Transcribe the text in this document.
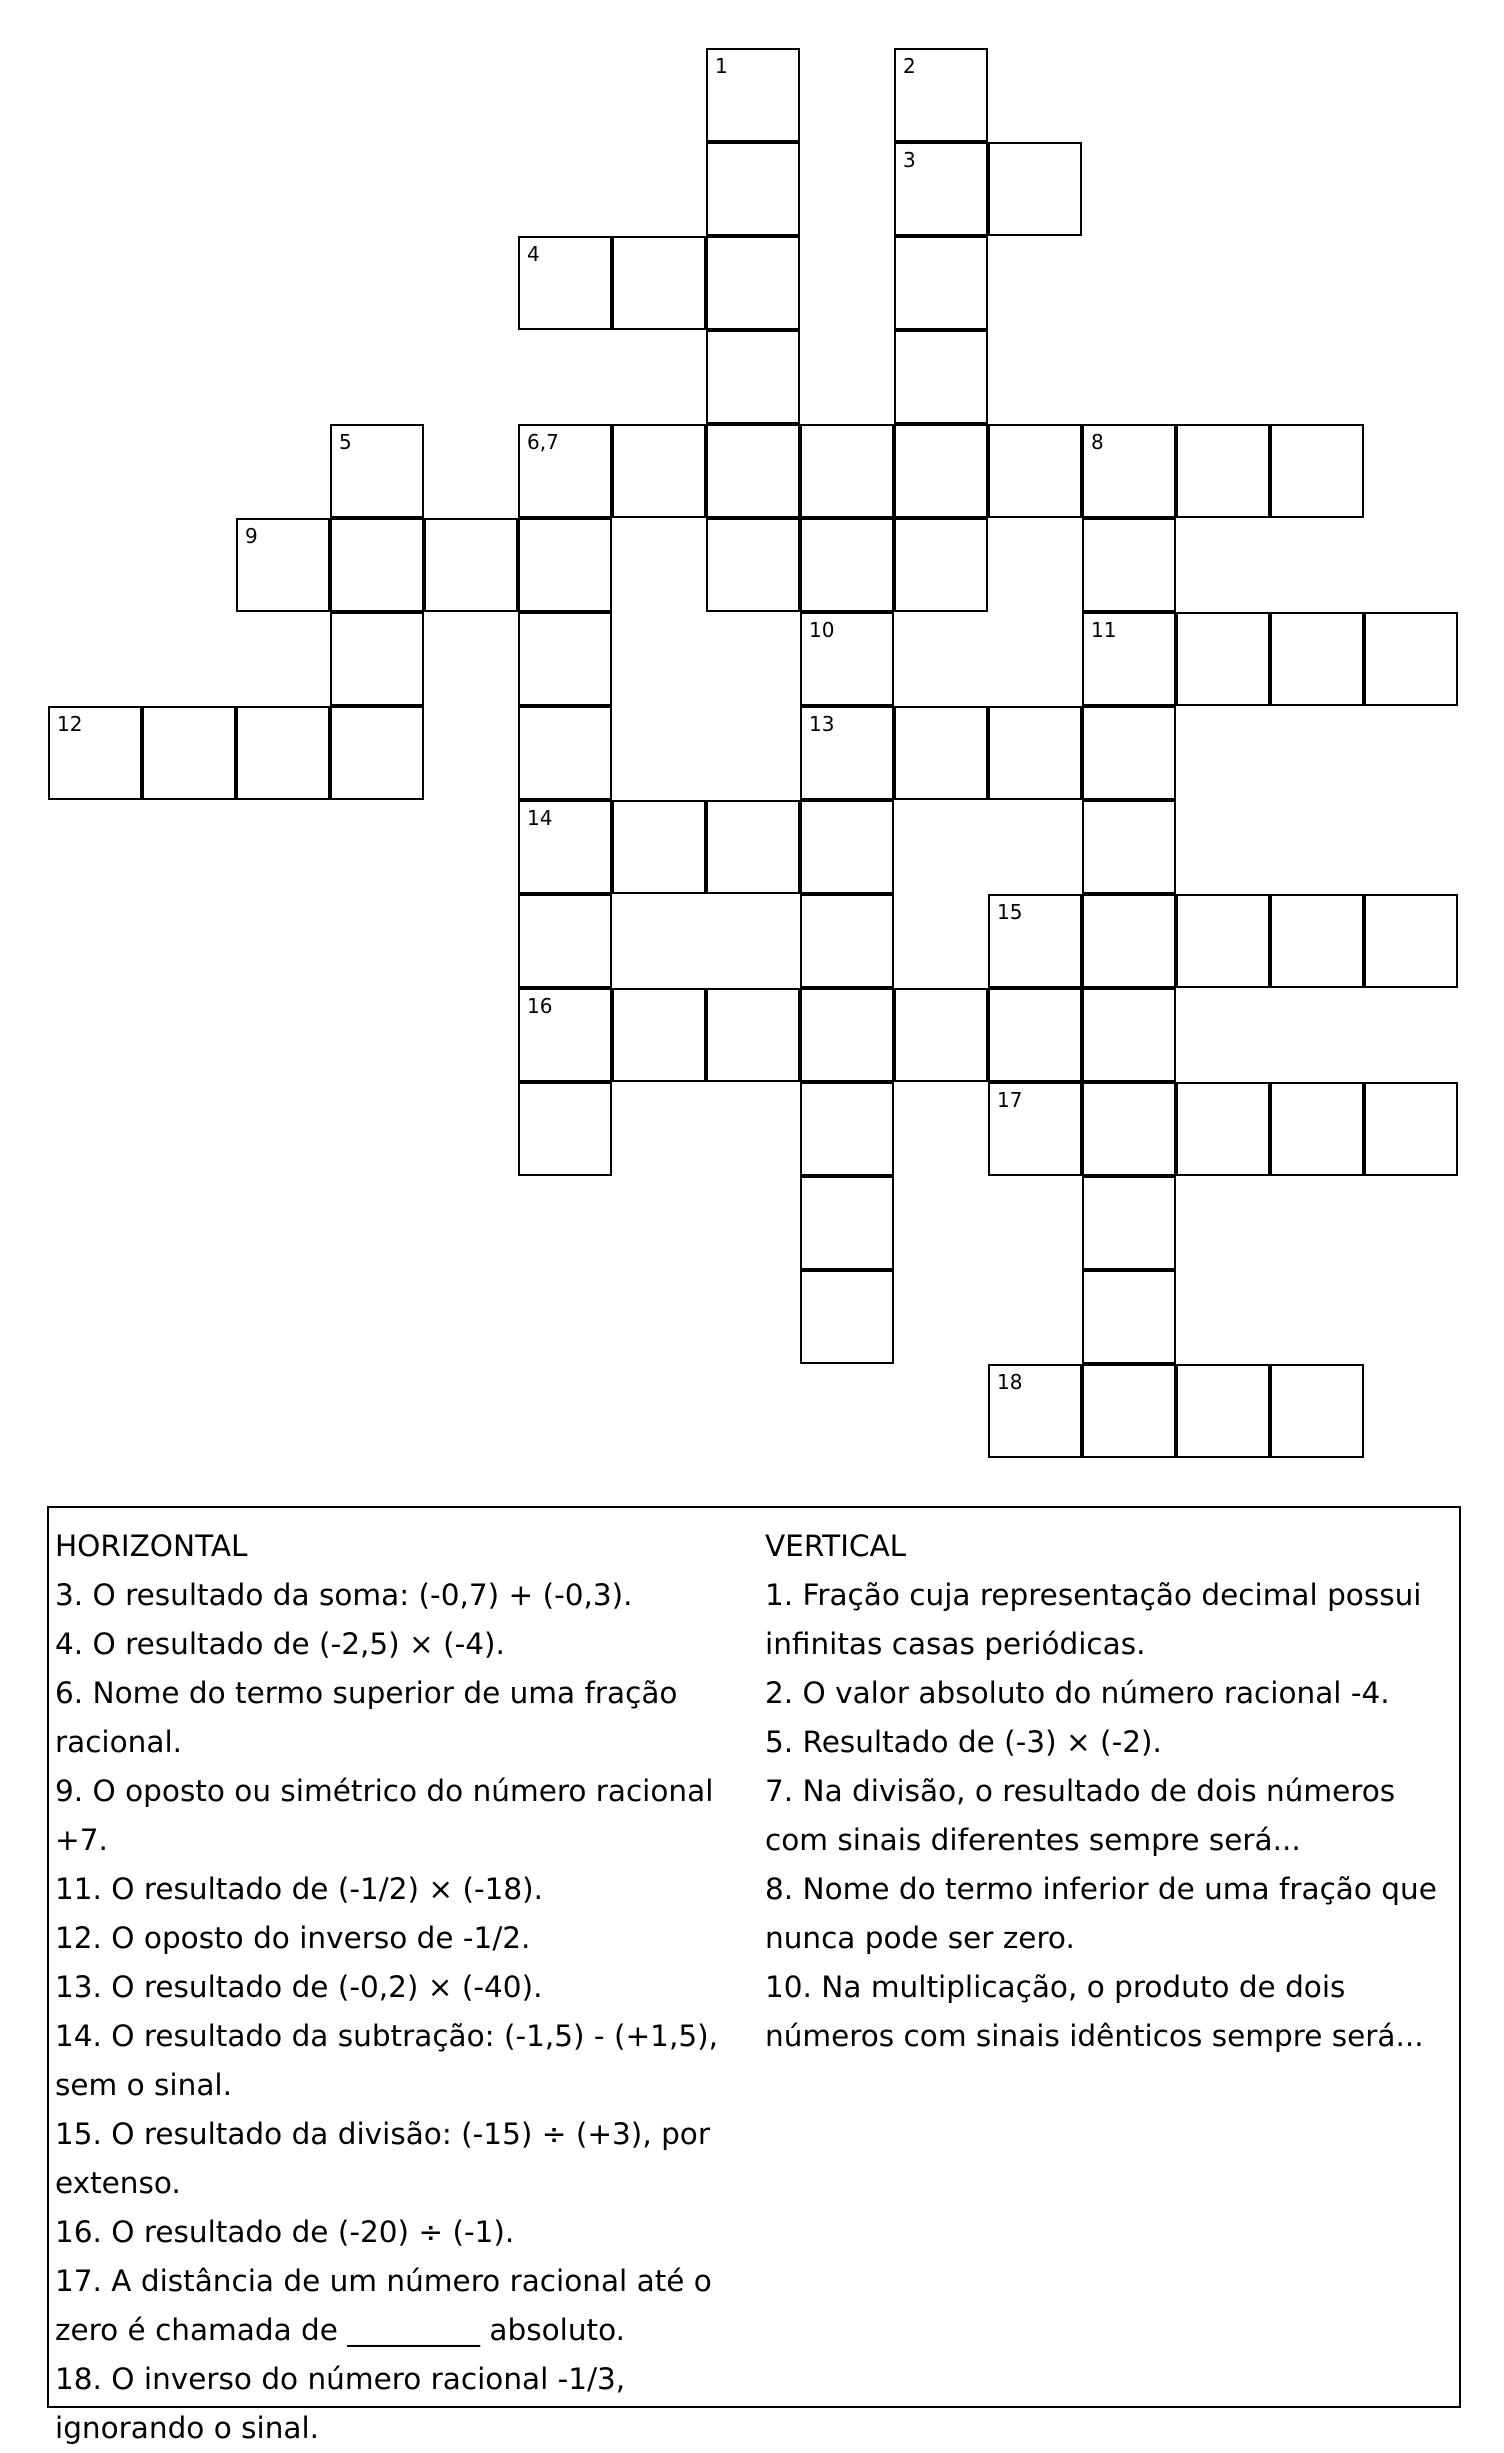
1	2
3
4
5	6,7	8
9
10	11
12	13
14
15
16
17
18
HORIZONTAL
3. O resultado da soma: (-0,7) + (-0,3).
4. O resultado de (-2,5) × (-4).
6. Nome do termo superior de uma fração racional.
9. O oposto ou simétrico do número racional +7.
11. O resultado de (-1/2) × (-18).
12. O oposto do inverso de -1/2.
13. O resultado de (-0,2) × (-40).
14. O resultado da subtração: (-1,5) - (+1,5), sem o sinal.
15. O resultado da divisão: (-15) ÷ (+3), por extenso.
16. O resultado de (-20) ÷ (-1).
17. A distância de um número racional até o zero é chamada de _________ absoluto.
18. O inverso do número racional -1/3, ignorando o sinal.
VERTICAL
1. Fração cuja representação decimal possui infinitas casas periódicas.
2. O valor absoluto do número racional -4.
5. Resultado de (-3) × (-2).
7. Na divisão, o resultado de dois números com sinais diferentes sempre será...
8. Nome do termo inferior de uma fração que nunca pode ser zero.
10. Na multiplicação, o produto de dois números com sinais idênticos sempre será...
